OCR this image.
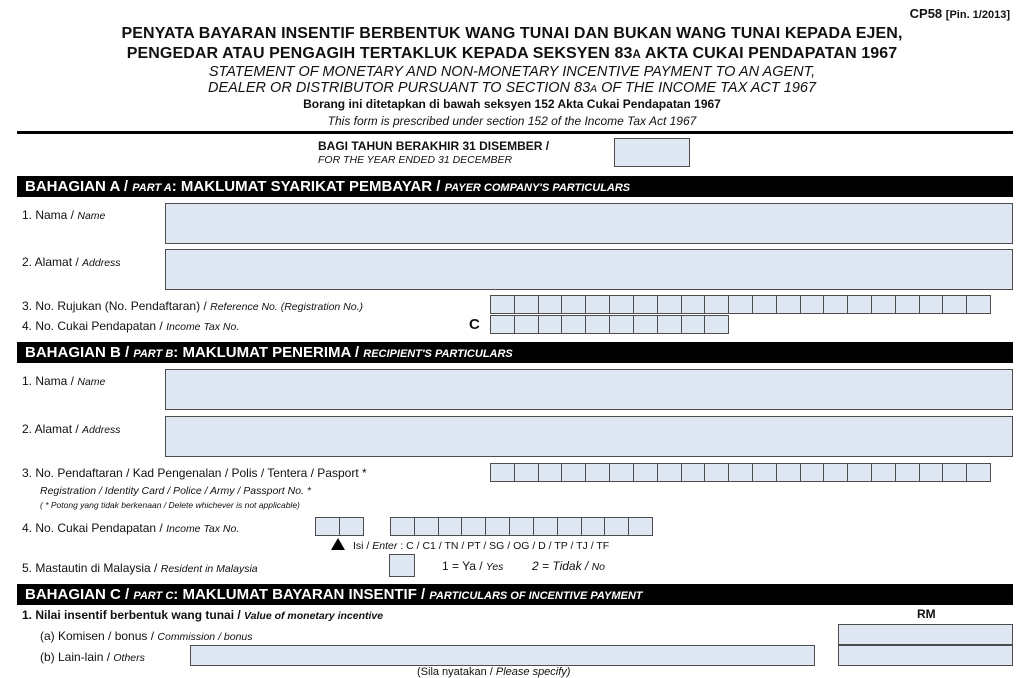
CP58 [Pin. 1/2013]
PENYATA BAYARAN INSENTIF BERBENTUK WANG TUNAI DAN BUKAN WANG TUNAI KEPADA EJEN,
PENGEDAR ATAU PENGAGIH TERTAKLUK KEPADA SEKSYEN 83A AKTA CUKAI PENDAPATAN 1967
STATEMENT OF MONETARY AND NON-MONETARY INCENTIVE PAYMENT TO AN AGENT,
DEALER OR DISTRIBUTOR PURSUANT TO SECTION 83A OF THE INCOME TAX ACT 1967
Borang ini ditetapkan di bawah seksyen 152 Akta Cukai Pendapatan 1967
This form is prescribed under section 152 of the Income Tax Act 1967
BAGI TAHUN BERAKHIR 31 DISEMBER /
FOR THE YEAR ENDED 31 DECEMBER
BAHAGIAN A / PART A: MAKLUMAT SYARIKAT PEMBAYAR / PAYER COMPANY'S PARTICULARS
1. Nama / Name
2. Alamat / Address
3. No. Rujukan (No. Pendaftaran) / Reference No. (Registration No.)
4. No. Cukai Pendapatan / Income Tax No.	C
BAHAGIAN B / PART B: MAKLUMAT PENERIMA / RECIPIENT'S PARTICULARS
1. Nama / Name
2. Alamat / Address
3. No. Pendaftaran / Kad Pengenalan / Polis / Tentera / Pasport *
Registration / Identity Card / Police / Army / Passport No. *
( * Potong yang tidak berkenaan / Delete whichever is not applicable)
4. No. Cukai Pendapatan / Income Tax No.
Isi / Enter : C / C1 / TN / PT / SG / OG / D / TP / TJ / TF
5. Mastautin di Malaysia / Resident in Malaysia	1 = Ya / Yes 2 = Tidak / No
BAHAGIAN C / PART C: MAKLUMAT BAYARAN INSENTIF / PARTICULARS OF INCENTIVE PAYMENT
1. Nilai insentif berbentuk wang tunai / Value of monetary incentive	RM
(a) Komisen / bonus / Commission / bonus
(b) Lain-lain / Others
(Sila nyatakan / Please specify)
